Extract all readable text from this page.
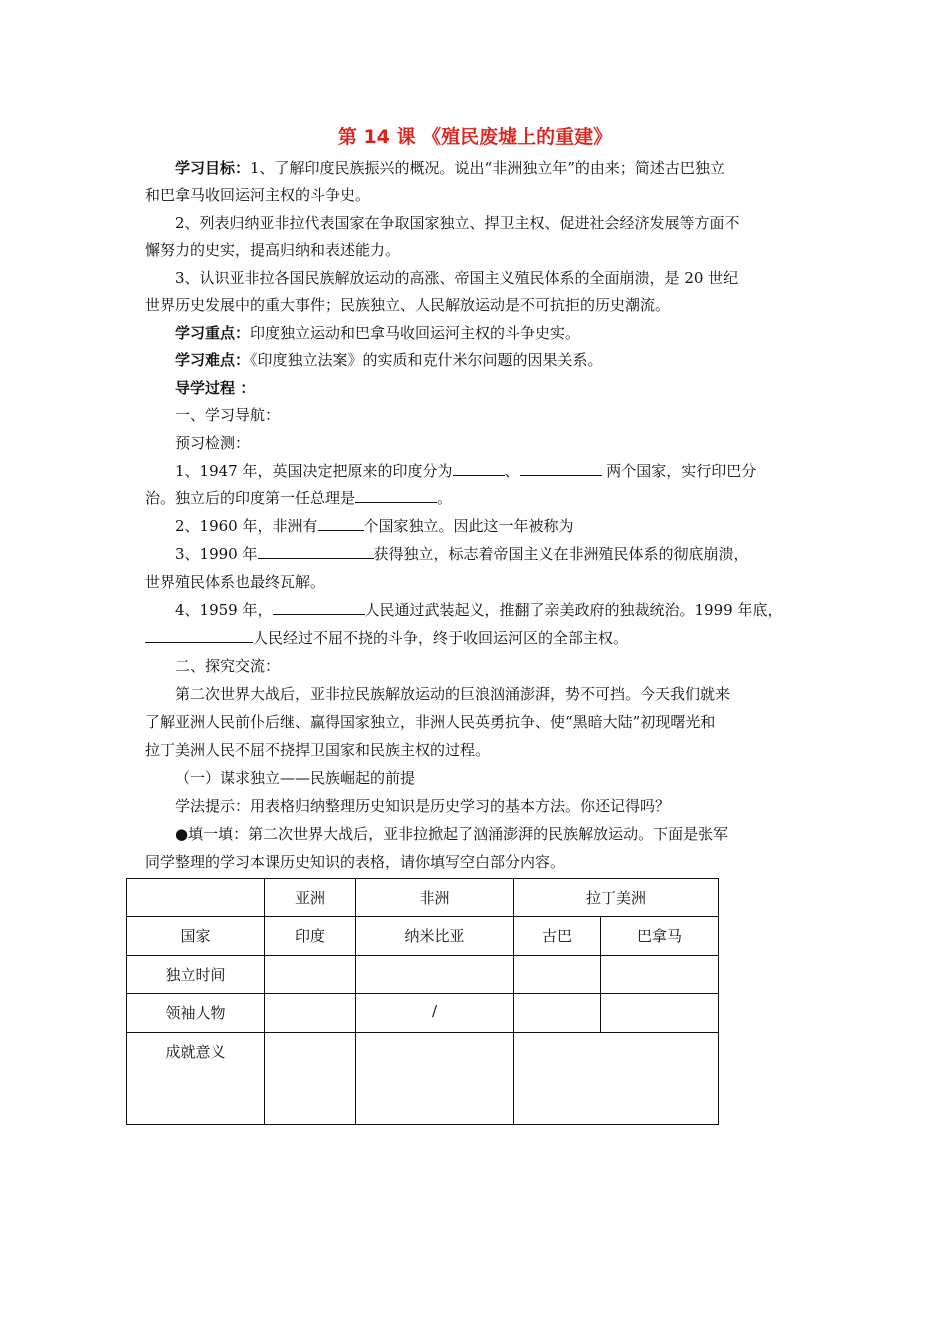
第 14 课 《殖民废墟上的重建》
学习目标：1、了解印度民族振兴的概况。说出“非洲独立年”的由来；简述古巴独立
和巴拿马收回运河主权的斗争史。
2、列表归纳亚非拉代表国家在争取国家独立、捍卫主权、促进社会经济发展等方面不
懈努力的史实，提高归纳和表述能力。
3、认识亚非拉各国民族解放运动的高涨、帝国主义殖民体系的全面崩溃，是 20 世纪
世界历史发展中的重大事件；民族独立、人民解放运动是不可抗拒的历史潮流。
学习重点：印度独立运动和巴拿马收回运河主权的斗争史实。
学习难点：《印度独立法案》的实质和克什米尔问题的因果关系。
导学过程 ：
一、学习导航：
预习检测：
1、1947 年，英国决定把原来的印度分为	、	两个国家，实行印巴分
治。独立后的印度第一任总理是	。
2、1960 年，非洲有	个国家独立。因此这一年被称为
3、1990 年	获得独立，标志着帝国主义在非洲殖民体系的彻底崩溃，
世界殖民体系也最终瓦解。
4、1959 年，	人民通过武装起义，推翻了亲美政府的独裁统治。1999 年底，
人民经过不屈不挠的斗争，终于收回运河区的全部主权。
二、探究交流：
第二次世界大战后，亚非拉民族解放运动的巨浪汹涌澎湃，势不可挡。今天我们就来
了解亚洲人民前仆后继、赢得国家独立，非洲人民英勇抗争、使“黑暗大陆”初现曙光和
拉丁美洲人民不屈不挠捍卫国家和民族主权的过程。
（一）谋求独立——民族崛起的前提
学法提示：用表格归纳整理历史知识是历史学习的基本方法。你还记得吗？
●填一填：第二次世界大战后，亚非拉掀起了汹涌澎湃的民族解放运动。下面是张军
同学整理的学习本课历史知识的表格，请你填写空白部分内容。

	亚洲	非洲	拉丁美洲	

国家	印度	纳米比亚	古巴	巴拿马

独立时间				

领袖人物		/		

成就意义				
